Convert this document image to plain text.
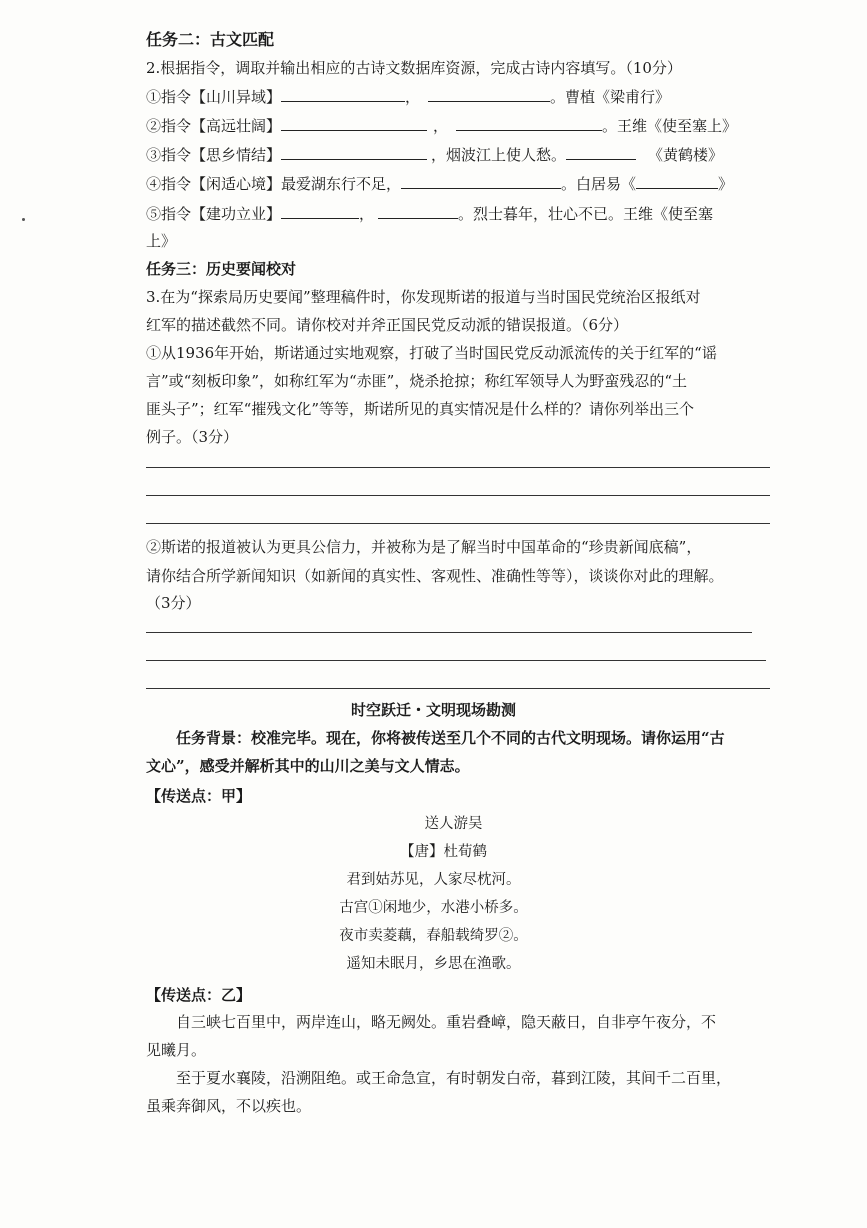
任务二：古文匹配
2.根据指令，调取并输出相应的古诗文数据库资源，完成古诗内容填写。（10分）
①指令【山川异域】	，	。曹植《梁甫行》
②指令【高远壮阔】	，	。王维《使至塞上》
③指令【思乡情结】	，烟波江上使人愁。	《黄鹤楼》
④指令【闲适心境】最爱湖东行不足，	。白居易《	》
⑤指令【建功立业】	，	。烈士暮年，壮心不已。王维《使至塞
上》
任务三：历史要闻校对
3.在为“探索局历史要闻”整理稿件时，你发现斯诺的报道与当时国民党统治区报纸对
红军的描述截然不同。请你校对并斧正国民党反动派的错误报道。（6分）
①从1936年开始，斯诺通过实地观察，打破了当时国民党反动派流传的关于红军的“谣
言”或“刻板印象”，如称红军为“赤匪”，烧杀抢掠；称红军领导人为野蛮残忍的“土
匪头子”；红军“摧残文化”等等，斯诺所见的真实情况是什么样的？请你列举出三个
例子。（3分）
②斯诺的报道被认为更具公信力，并被称为是了解当时中国革命的“珍贵新闻底稿”，
请你结合所学新闻知识（如新闻的真实性、客观性、准确性等等），谈谈你对此的理解。
（3分）
时空跃迁・文明现场勘测
任务背景：校准完毕。现在，你将被传送至几个不同的古代文明现场。请你运用“古
文心”，感受并解析其中的山川之美与文人情志。
【传送点：甲】
送人游吴
【唐】杜荀鹤
君到姑苏见，人家尽枕河。
古宫①闲地少，水港小桥多。
夜市卖菱藕，春船载绮罗②。
遥知未眠月，乡思在渔歌。
【传送点：乙】
自三峡七百里中，两岸连山，略无阙处。重岩叠嶂，隐天蔽日，自非亭午夜分，不
见曦月。
至于夏水襄陵，沿溯阻绝。或王命急宣，有时朝发白帝，暮到江陵，其间千二百里，
虽乘奔御风，不以疾也。
